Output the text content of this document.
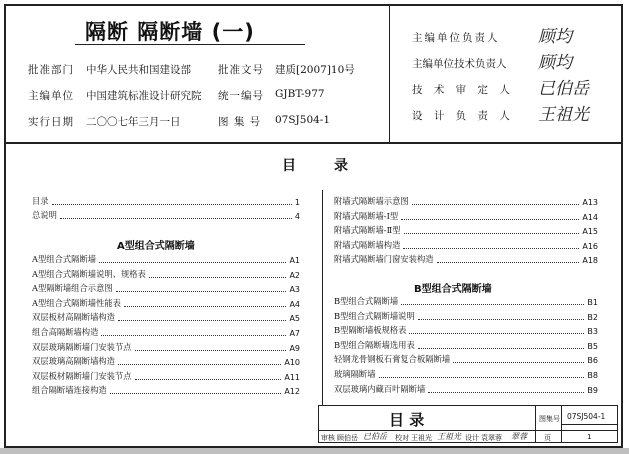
隔断 隔断墙 (一)
批准部门 中华人民共和国建设部	批准文号 建质[2007]10号
主编单位 中国建筑标准设计研究院 统一编号 GJBT-977
实行日期 二〇〇七年三月一日	图 集 号 07SJ504-1
主编单位负责人 顾均
主编单位技术负责人 顾均
技 术 审 定 人 已伯岳
设 计 负 责 人 王祖光
目	录
目录	1
总说明	4
A型组合式隔断墙
A型组合式隔断墙	A1
A型组合式隔断墙说明、规格表	A2
A型隔断墙组合示意图	A3
A型组合式隔断墙性能表	A4
双层板材高隔断墙构造	A5
组合高隔断墙构造	A7
双层玻璃隔断墙门安装节点	A9
双层玻璃高隔断墙构造	A10
双层板材隔断墙门安装节点	A11
组合隔断墙连接构造	A12
附墙式隔断墙示意图	A13
附墙式隔断墙-Ⅰ型	A14
附墙式隔断墙-Ⅱ型	A15
附墙式隔断墙构造	A16
附墙式隔断墙门窗安装构造	A18
B型组合式隔断墙
B型组合式隔断墙	B1
B型组合式隔断墙说明	B2
B型隔断墙板规格表	B3
B型组合隔断墙选用表	B5
轻钢龙骨钢板石膏复合板隔断墙	B6
玻璃隔断墙	B8
双层玻璃内藏百叶隔断墙	B9
目 录	图集号 07SJ504-1
审核 顾伯岳 已伯岳 校对 王祖光 王祖光 设计 袁翠蓉 翠蓉 页	1
